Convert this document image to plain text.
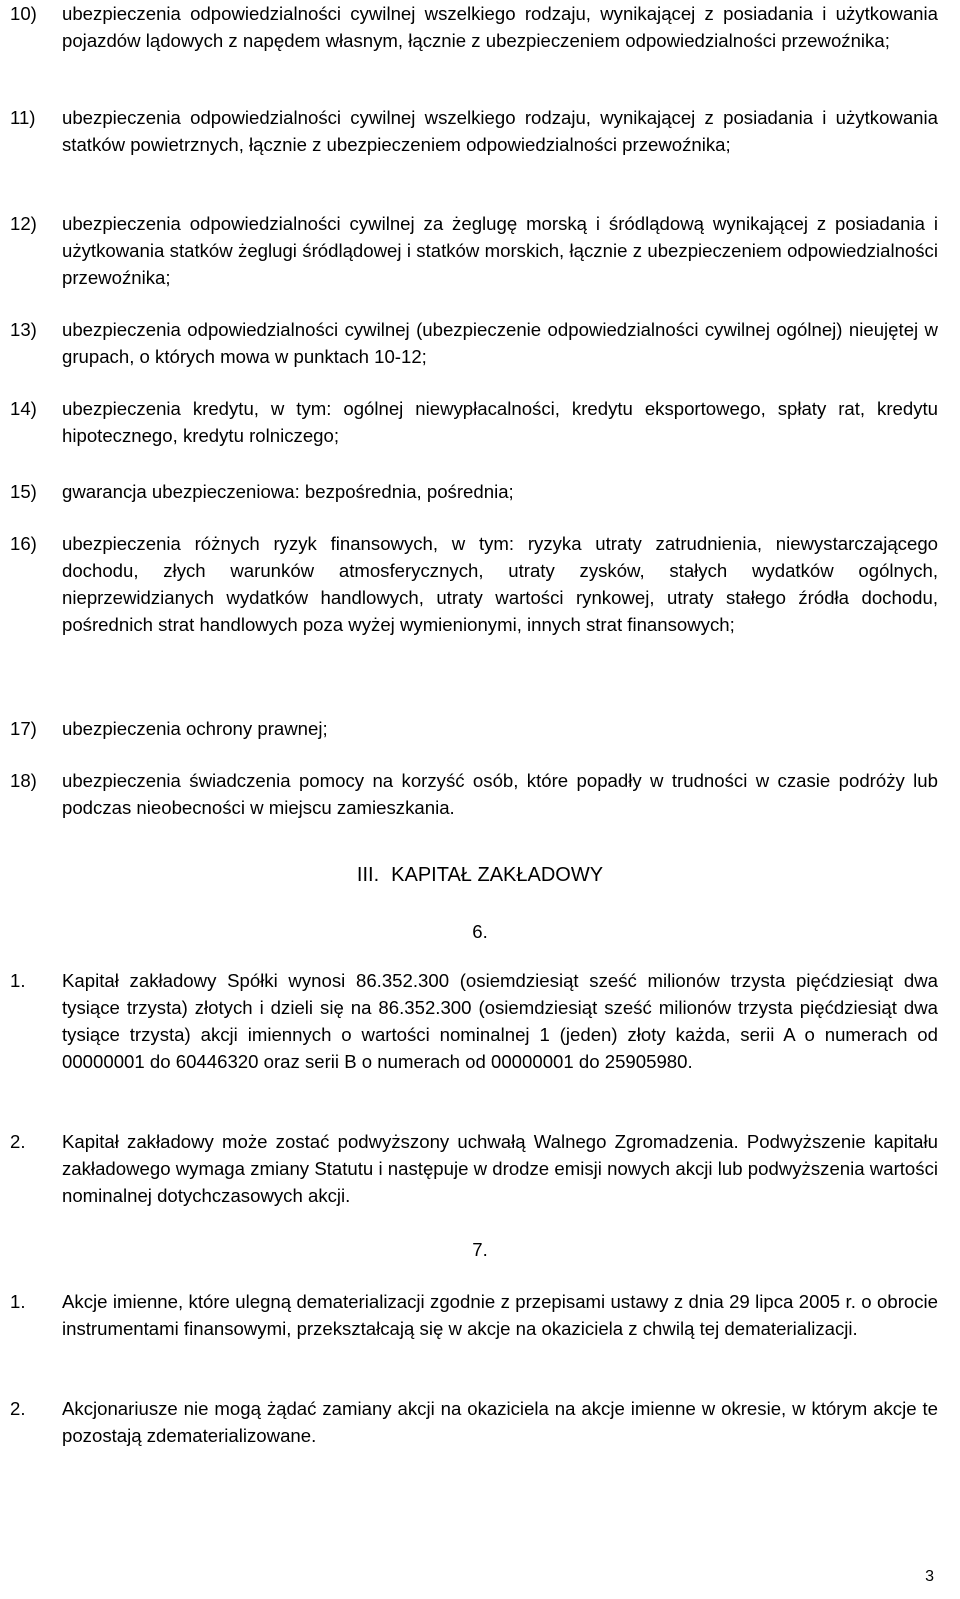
10) ubezpieczenia odpowiedzialności cywilnej wszelkiego rodzaju, wynikającej z posiadania i użytkowania pojazdów lądowych z napędem własnym, łącznie z ubezpieczeniem odpowiedzialności przewoźnika;
11) ubezpieczenia odpowiedzialności cywilnej wszelkiego rodzaju, wynikającej z posiadania i użytkowania statków powietrznych, łącznie z ubezpieczeniem odpowiedzialności przewoźnika;
12) ubezpieczenia odpowiedzialności cywilnej za żeglugę morską i śródlądową wynikającej z posiadania i użytkowania statków żeglugi śródlądowej i statków morskich, łącznie z ubezpieczeniem odpowiedzialności przewoźnika;
13) ubezpieczenia odpowiedzialności cywilnej (ubezpieczenie odpowiedzialności cywilnej ogólnej) nieujętej w grupach, o których mowa w punktach 10-12;
14) ubezpieczenia kredytu, w tym: ogólnej niewypłacalności, kredytu eksportowego, spłaty rat, kredytu hipotecznego, kredytu rolniczego;
15) gwarancja ubezpieczeniowa: bezpośrednia, pośrednia;
16) ubezpieczenia różnych ryzyk finansowych, w tym: ryzyka utraty zatrudnienia, niewystarczającego dochodu, złych warunków atmosferycznych, utraty zysków, stałych wydatków ogólnych, nieprzewidzianych wydatków handlowych, utraty wartości rynkowej, utraty stałego źródła dochodu, pośrednich strat handlowych poza wyżej wymienionymi, innych strat finansowych;
17) ubezpieczenia ochrony prawnej;
18) ubezpieczenia świadczenia pomocy na korzyść osób, które popadły w trudności w czasie podróży lub podczas nieobecności w miejscu zamieszkania.
III. KAPITAŁ ZAKŁADOWY
6.
1. Kapitał zakładowy Spółki wynosi 86.352.300 (osiemdziesiąt sześć milionów trzysta pięćdziesiąt dwa tysiące trzysta) złotych i dzieli się na 86.352.300 (osiemdziesiąt sześć milionów trzysta pięćdziesiąt dwa tysiące trzysta) akcji imiennych o wartości nominalnej 1 (jeden) złoty każda, serii A o numerach od 00000001 do 60446320 oraz serii B o numerach od 00000001 do 25905980.
2. Kapitał zakładowy może zostać podwyższony uchwałą Walnego Zgromadzenia. Podwyższenie kapitału zakładowego wymaga zmiany Statutu i następuje w drodze emisji nowych akcji lub podwyższenia wartości nominalnej dotychczasowych akcji.
7.
1. Akcje imienne, które ulegną dematerializacji zgodnie z przepisami ustawy z dnia 29 lipca 2005 r. o obrocie instrumentami finansowymi, przekształcają się w akcje na okaziciela z chwilą tej dematerializacji.
2. Akcjonariusze nie mogą żądać zamiany akcji na okaziciela na akcje imienne w okresie, w którym akcje te pozostają zdematerializowane.
3
